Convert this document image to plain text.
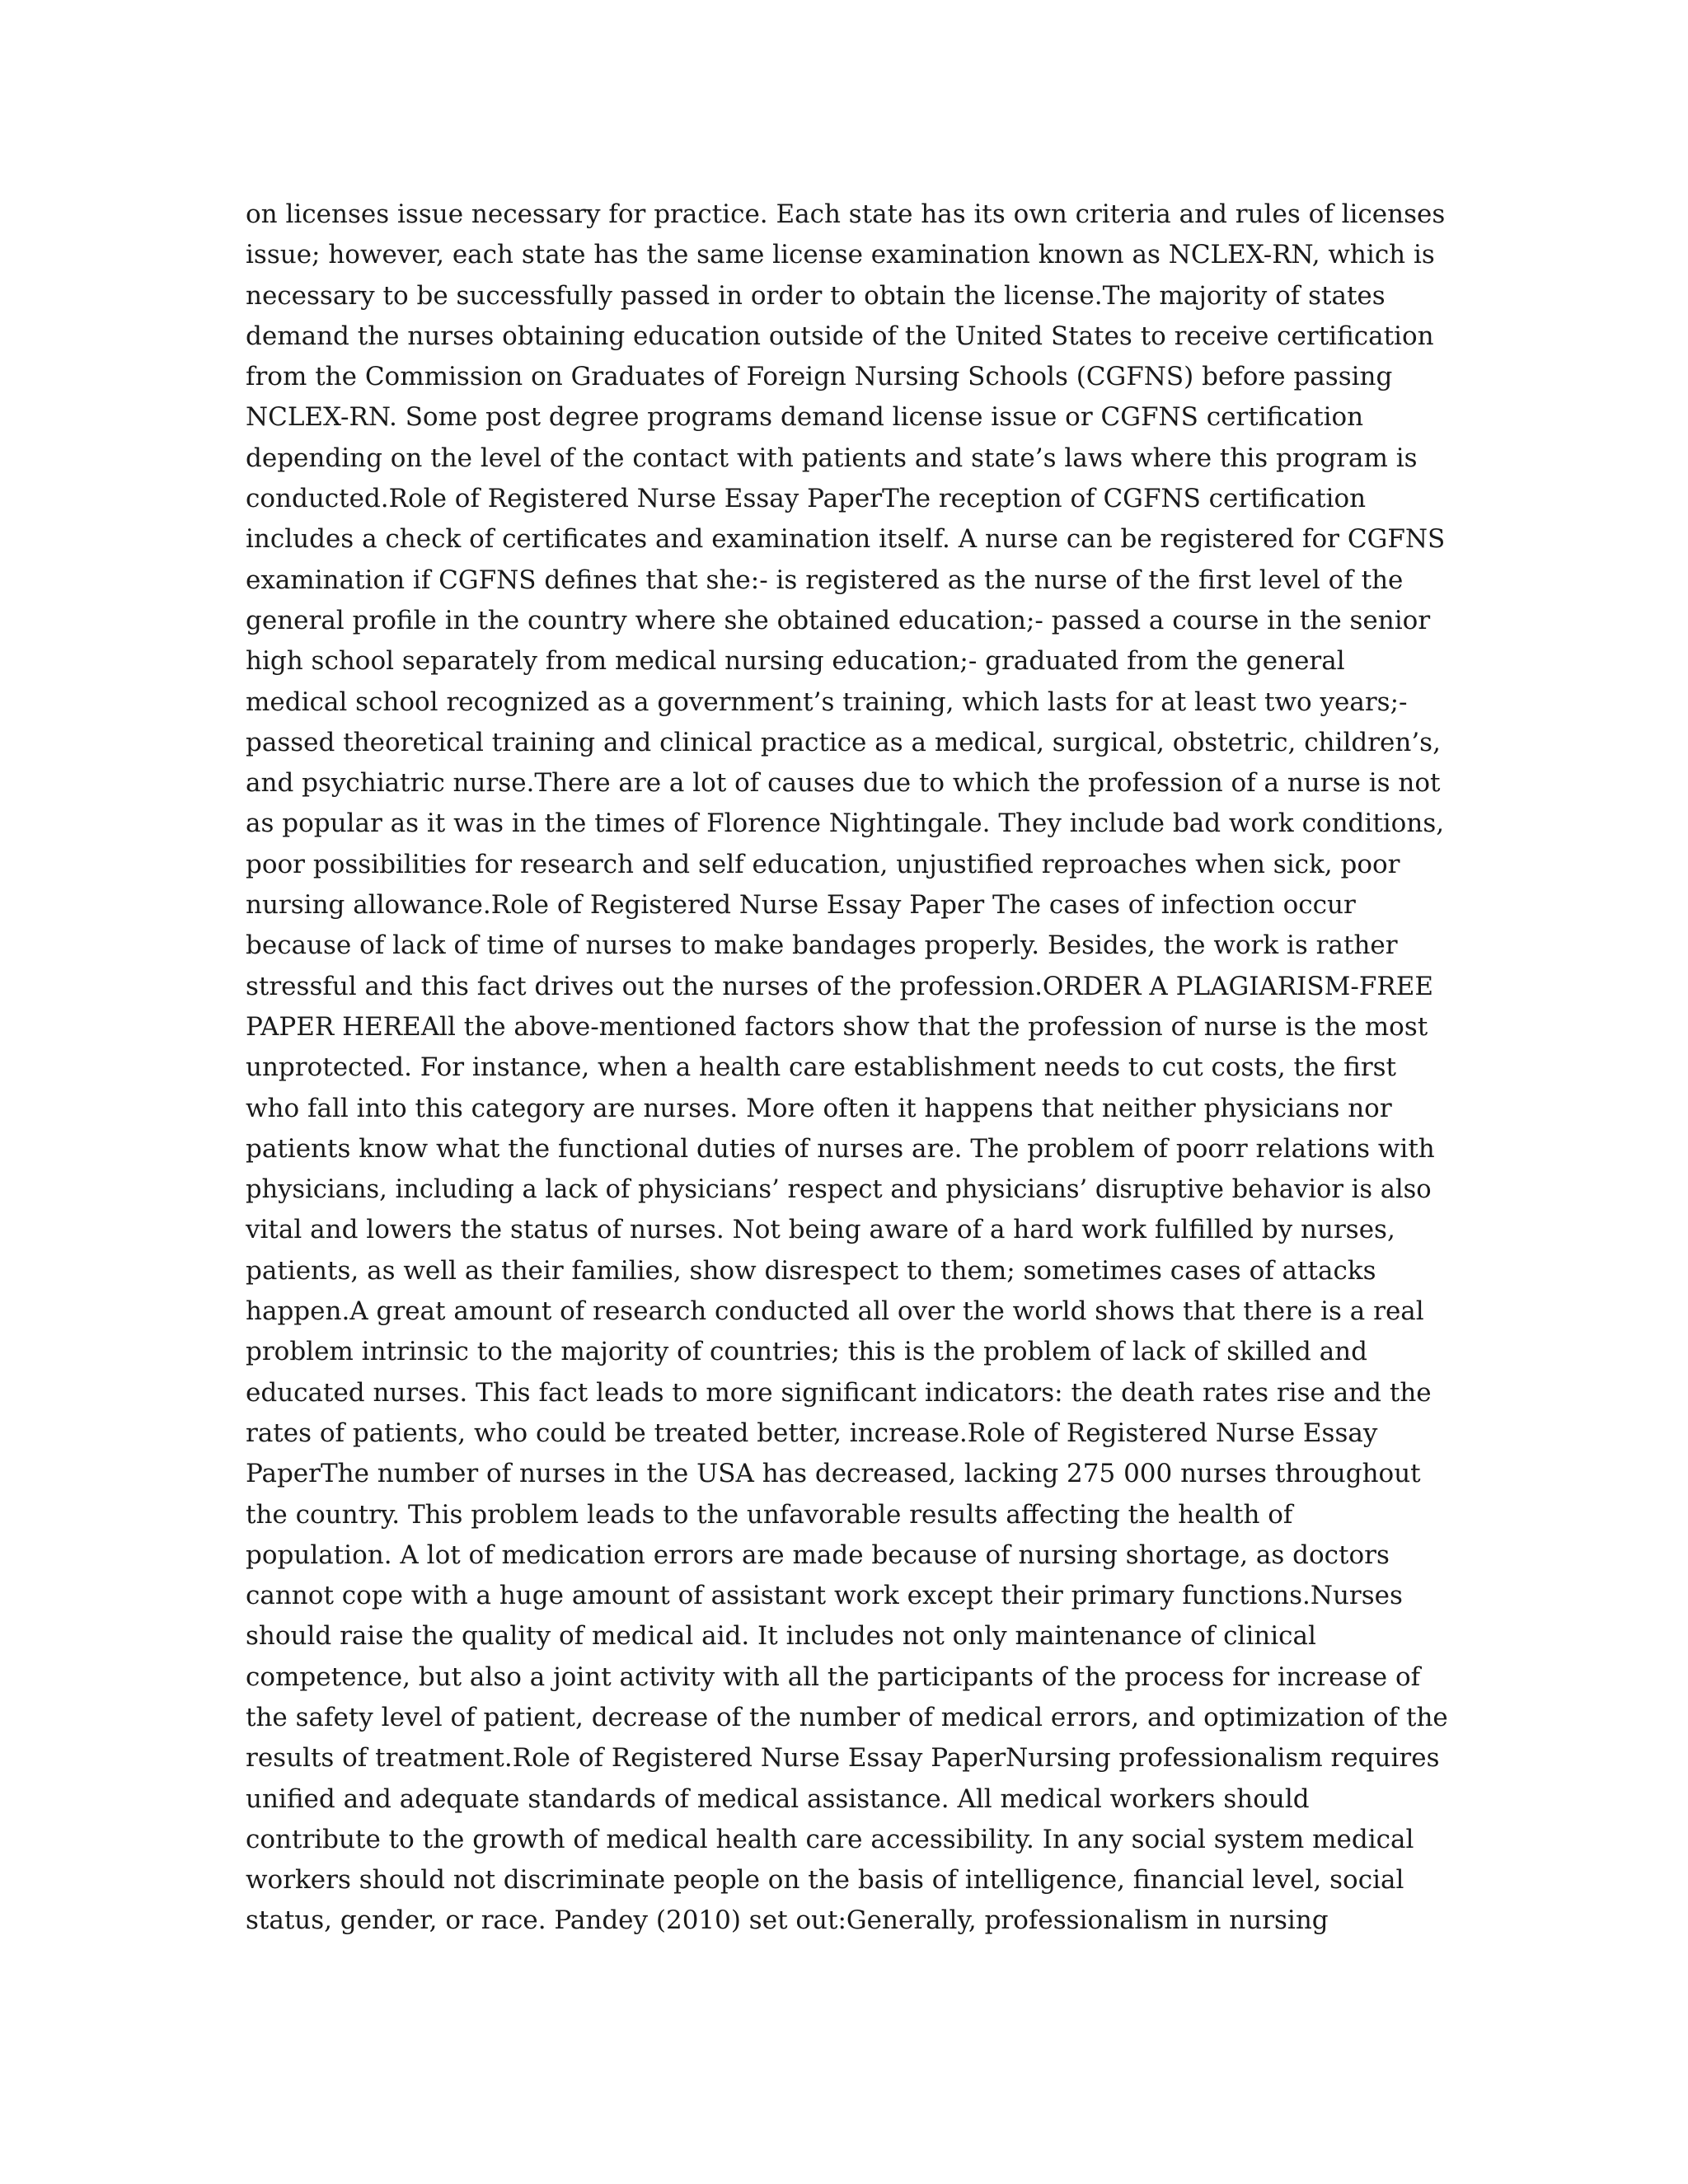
on licenses issue necessary for practice. Each state has its own criteria and rules of licenses
issue; however, each state has the same license examination known as NCLEX-RN, which is
necessary to be successfully passed in order to obtain the license.The majority of states
demand the nurses obtaining education outside of the United States to receive certification
from the Commission on Graduates of Foreign Nursing Schools (CGFNS) before passing
NCLEX-RN. Some post degree programs demand license issue or CGFNS certification
depending on the level of the contact with patients and state’s laws where this program is
conducted.Role of Registered Nurse Essay PaperThe reception of CGFNS certification
includes a check of certificates and examination itself. A nurse can be registered for CGFNS
examination if CGFNS defines that she:- is registered as the nurse of the first level of the
general profile in the country where she obtained education;- passed a course in the senior
high school separately from medical nursing education;- graduated from the general
medical school recognized as a government’s training, which lasts for at least two years;-
passed theoretical training and clinical practice as a medical, surgical, obstetric, children’s,
and psychiatric nurse.There are a lot of causes due to which the profession of a nurse is not
as popular as it was in the times of Florence Nightingale. They include bad work conditions,
poor possibilities for research and self education, unjustified reproaches when sick, poor
nursing allowance.Role of Registered Nurse Essay Paper The cases of infection occur
because of lack of time of nurses to make bandages properly. Besides, the work is rather
stressful and this fact drives out the nurses of the profession.ORDER A PLAGIARISM-FREE
PAPER HEREAll the above-mentioned factors show that the profession of nurse is the most
unprotected. For instance, when a health care establishment needs to cut costs, the first
who fall into this category are nurses. More often it happens that neither physicians nor
patients know what the functional duties of nurses are. The problem of poorr relations with
physicians, including a lack of physicians’ respect and physicians’ disruptive behavior is also
vital and lowers the status of nurses. Not being aware of a hard work fulfilled by nurses,
patients, as well as their families, show disrespect to them; sometimes cases of attacks
happen.A great amount of research conducted all over the world shows that there is a real
problem intrinsic to the majority of countries; this is the problem of lack of skilled and
educated nurses. This fact leads to more significant indicators: the death rates rise and the
rates of patients, who could be treated better, increase.Role of Registered Nurse Essay
PaperThe number of nurses in the USA has decreased, lacking 275 000 nurses throughout
the country. This problem leads to the unfavorable results affecting the health of
population. A lot of medication errors are made because of nursing shortage, as doctors
cannot cope with a huge amount of assistant work except their primary functions.Nurses
should raise the quality of medical aid. It includes not only maintenance of clinical
competence, but also a joint activity with all the participants of the process for increase of
the safety level of patient, decrease of the number of medical errors, and optimization of the
results of treatment.Role of Registered Nurse Essay PaperNursing professionalism requires
unified and adequate standards of medical assistance. All medical workers should
contribute to the growth of medical health care accessibility. In any social system medical
workers should not discriminate people on the basis of intelligence, financial level, social
status, gender, or race. Pandey (2010) set out:Generally, professionalism in nursing
